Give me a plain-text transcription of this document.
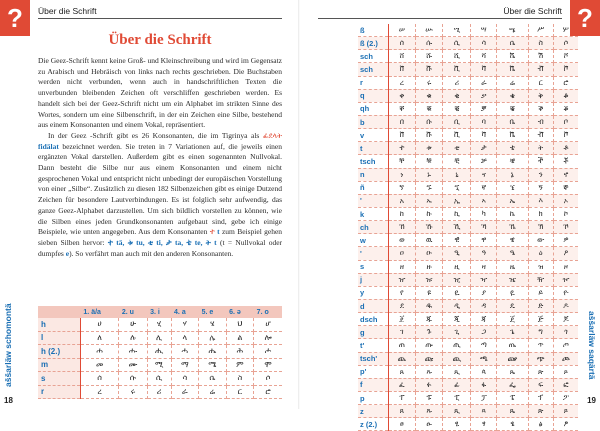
?	Über die Schrift
Über die Schrift

Die Geez-Schrift kennt keine Groß- und Kleinschreibung und wird im Gegensatz zu Arabisch und Hebräisch von links nach rechts geschrieben. Die Buchstaben werden nicht verbunden, wenn auch in handschriftlichen Texten die unverbunden bleibenden Zeichen oft verschliffen geschrieben werden. Es handelt sich bei der Geez-Schrift nicht um ein Alphabet im strikten Sinne des Wortes, sondern um eine Silbenschrift, in der ein Zeichen eine Silbe, bestehend aus einem Konsonanten und einem Vokal, repräsentiert.

In der Geez -Schrift gibt es 26 Konsonanten, die im Tigrinya als ፊደላት fidälat bezeichnet werden. Sie treten in 7 Variationen auf, die jeweils einen ergänzten Vokal darstellen. Außerdem gibt es einen sogenannten Nullvokal. Dann besteht die Silbe nur aus einem Konsonanten und einem nicht gesprochenen Vokal und entspricht nicht unbedingt der europäischen Vorstellung von einer „Silbe“. Zusätzlich zu diesen 182 Silbenzeichen gibt es einige Dutzend Zeichen für besondere Lautverbindungen. Es ist folglich sehr aufwendig, das ganze Geez-Alphabet darzustellen. Um sich bildlich vorstellen zu können, wie die Silben eines jeden Grundkonsonanten aufgebaut sind, gebe ich einige Beispiele, wie unten angegeben. Aus dem Konsonanten ተ t zum Beispiel gehen sieben Silben hervor: ተ tä, ቱ tu, ቲ ti, ታ ta, ቴ te, ት t (t = Nullvokal oder dumpfes e). So verfährt man auch mit den anderen Konsonanten.

	1. ä/a	2. u	3. i	4. a	5. e	6. ə	7. o
h	ሀ	ሁ	ሂ	ሃ	ሄ	ህ	ሆ
l	ለ	ሉ	ሊ	ላ	ሌ	ል	ሎ
h (2.)	ሐ	ሑ	ሒ	ሓ	ሔ	ሕ	ሖ
m	መ	ሙ	ሚ	ማ	ሜ	ም	ሞ
s	ሰ	ሱ	ሲ	ሳ	ሴ	ስ	ሶ
r	ረ	ሩ	ሪ	ራ	ሬ	ር	ሮ
aššarläw schomontä
18
?
Über die Schrift
ß	ሠ	ሡ	ሢ	ሣ	ሤ	ሥ	ሦ
ß (2.)	ሰ	ሱ	ሲ	ሳ	ሴ	ስ	ሶ
sch	ሸ	ሹ	ሺ	ሻ	ሼ	ሽ	ሾ
sch	ቨ	ቩ	ቪ	ቫ	ቬ	ቭ	ቮ
r	ረ	ሩ	ሪ	ራ	ሬ	ር	ሮ
q	ቀ	ቁ	ቂ	ቃ	ቄ	ቅ	ቆ
qh	ቐ	ቑ	ቒ	ቓ	ቔ	ቕ	ቖ
b	በ	ቡ	ቢ	ባ	ቤ	ብ	ቦ
v	ቨ	ቩ	ቪ	ቫ	ቬ	ቭ	ቮ
t	ተ	ቱ	ቲ	ታ	ቴ	ት	ቶ
tsch	ቸ	ቹ	ቺ	ቻ	ቼ	ች	ቾ
n	ነ	ኑ	ኒ	ና	ኔ	ን	ኖ
ñ	ኘ	ኙ	ኚ	ኛ	ኜ	ኝ	ኞ
'	አ	ኡ	ኢ	ኣ	ኤ	እ	ኦ
k	ከ	ኩ	ኪ	ካ	ኬ	ክ	ኮ
ch	ኸ	ኹ	ኺ	ኻ	ኼ	ኽ	ኾ
w	ወ	ዉ	ዊ	ዋ	ዌ	ው	ዎ
'	ዐ	ዑ	ዒ	ዓ	ዔ	ዕ	ዖ
s	ዘ	ዙ	ዚ	ዛ	ዜ	ዝ	ዞ
j	ዠ	ዡ	ዢ	ዣ	ዤ	ዥ	ዦ
y	የ	ዩ	ዪ	ያ	ዬ	ይ	ዮ
d	ደ	ዱ	ዲ	ዳ	ዴ	ድ	ዶ
dsch	ጀ	ጁ	ጂ	ጃ	ጄ	ጅ	ጆ
g	ገ	ጉ	ጊ	ጋ	ጌ	ግ	ጎ
t'	ጠ	ጡ	ጢ	ጣ	ጤ	ጥ	ጦ
tsch'	ጨ	ጩ	ጪ	ጫ	ጬ	ጭ	ጮ
p'	ጰ	ጱ	ጲ	ጳ	ጴ	ጵ	ጶ
f	ፈ	ፉ	ፊ	ፋ	ፌ	ፍ	ፎ
p	ፐ	ፑ	ፒ	ፓ	ፔ	ፕ	ፖ
z	ጸ	ጹ	ጺ	ጻ	ጼ	ጽ	ጾ
z (2.)	ፀ	ፁ	ፂ	ፃ	ፄ	ፅ	ፆ
aššarläw saqärtä
19
